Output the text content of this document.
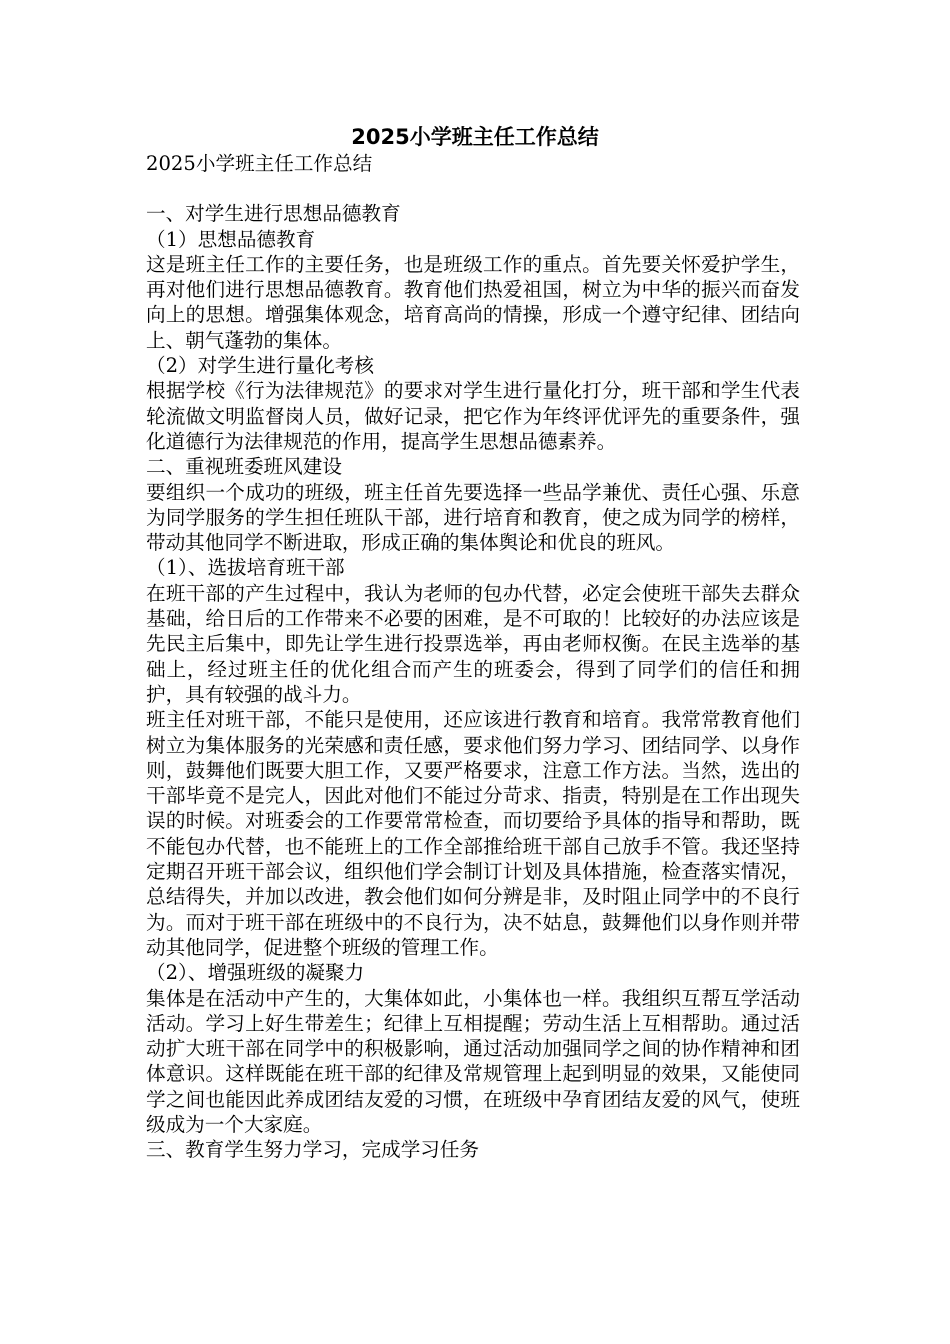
2025小学班主任工作总结

2025小学班主任工作总结

一、对学生进行思想品德教育

（1）思想品德教育

这是班主任工作的主要任务，也是班级工作的重点。首先要关怀爱护学生，再对他们进行思想品德教育。教育他们热爱祖国，树立为中华的振兴而奋发向上的思想。增强集体观念，培育高尚的情操，形成一个遵守纪律、团结向上、朝气蓬勃的集体。

（2）对学生进行量化考核

根据学校《行为法律规范》的要求对学生进行量化打分，班干部和学生代表轮流做文明监督岗人员，做好记录，把它作为年终评优评先的重要条件，强化道德行为法律规范的作用，提高学生思想品德素养。

二、重视班委班风建设

要组织一个成功的班级，班主任首先要选择一些品学兼优、责任心强、乐意为同学服务的学生担任班队干部，进行培育和教育，使之成为同学的榜样，带动其他同学不断进取，形成正确的集体舆论和优良的班风。

（1）、选拔培育班干部

在班干部的产生过程中，我认为老师的包办代替，必定会使班干部失去群众基础，给日后的工作带来不必要的困难，是不可取的！比较好的办法应该是先民主后集中，即先让学生进行投票选举，再由老师权衡。在民主选举的基础上，经过班主任的优化组合而产生的班委会，得到了同学们的信任和拥护，具有较强的战斗力。

班主任对班干部，不能只是使用，还应该进行教育和培育。我常常教育他们树立为集体服务的光荣感和责任感，要求他们努力学习、团结同学、以身作则，鼓舞他们既要大胆工作，又要严格要求，注意工作方法。当然，选出的干部毕竟不是完人，因此对他们不能过分苛求、指责，特别是在工作出现失误的时候。对班委会的工作要常常检查，而切要给予具体的指导和帮助，既不能包办代替，也不能班上的工作全部推给班干部自己放手不管。我还坚持定期召开班干部会议，组织他们学会制订计划及具体措施，检查落实情况，总结得失，并加以改进，教会他们如何分辨是非，及时阻止同学中的不良行为。而对于班干部在班级中的不良行为，决不姑息，鼓舞他们以身作则并带动其他同学，促进整个班级的管理工作。

（2）、增强班级的凝聚力

集体是在活动中产生的，大集体如此，小集体也一样。我组织互帮互学活动活动。学习上好生带差生；纪律上互相提醒；劳动生活上互相帮助。通过活动扩大班干部在同学中的积极影响，通过活动加强同学之间的协作精神和团体意识。这样既能在班干部的纪律及常规管理上起到明显的效果，又能使同学之间也能因此养成团结友爱的习惯，在班级中孕育团结友爱的风气，使班级成为一个大家庭。

三、教育学生努力学习，完成学习任务
